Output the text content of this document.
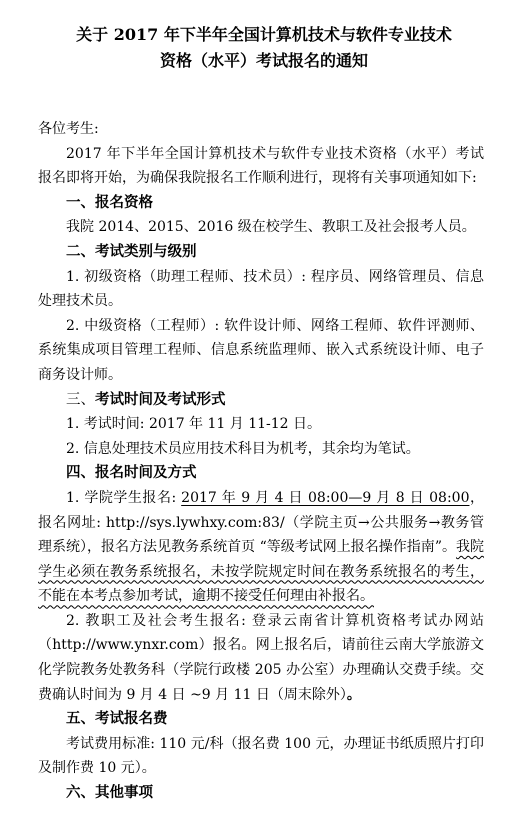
关于 2017 年下半年全国计算机技术与软件专业技术
资格（水平）考试报名的通知

各位考生:

2017 年下半年全国计算机技术与软件专业技术资格（水平）考试报名即将开始，为确保我院报名工作顺利进行，现将有关事项通知如下:

一、报名资格

我院 2014、2015、2016 级在校学生、教职工及社会报考人员。

二、考试类别与级别

1. 初级资格（助理工程师、技术员）: 程序员、网络管理员、信息处理技术员。

2. 中级资格（工程师）: 软件设计师、网络工程师、软件评测师、系统集成项目管理工程师、信息系统监理师、嵌入式系统设计师、电子商务设计师。

三、考试时间及考试形式

1. 考试时间: 2017 年 11 月 11-12 日。

2. 信息处理技术员应用技术科目为机考，其余均为笔试。

四、报名时间及方式

1. 学院学生报名: 2017 年 9 月 4 日 08:00—9 月 8 日 08:00，报名网址: http://sys.lywhxy.com:83/（学院主页→公共服务→教务管理系统），报名方法见教务系统首页 “等级考试网上报名操作指南”。我院学生必须在教务系统报名，未按学院规定时间在教务系统报名的考生，不能在本考点参加考试，逾期不接受任何理由补报名。

2. 教职工及社会考生报名: 登录云南省计算机资格考试办网站（http://www.ynxr.com）报名。网上报名后，请前往云南大学旅游文化学院教务处教务科（学院行政楼 205 办公室）办理确认交费手续。交费确认时间为 9 月 4 日 ~9 月 11 日（周末除外）。

五、考试报名费

考试费用标准: 110 元/科（报名费 100 元，办理证书纸质照片打印及制作费 10 元）。

六、其他事项
